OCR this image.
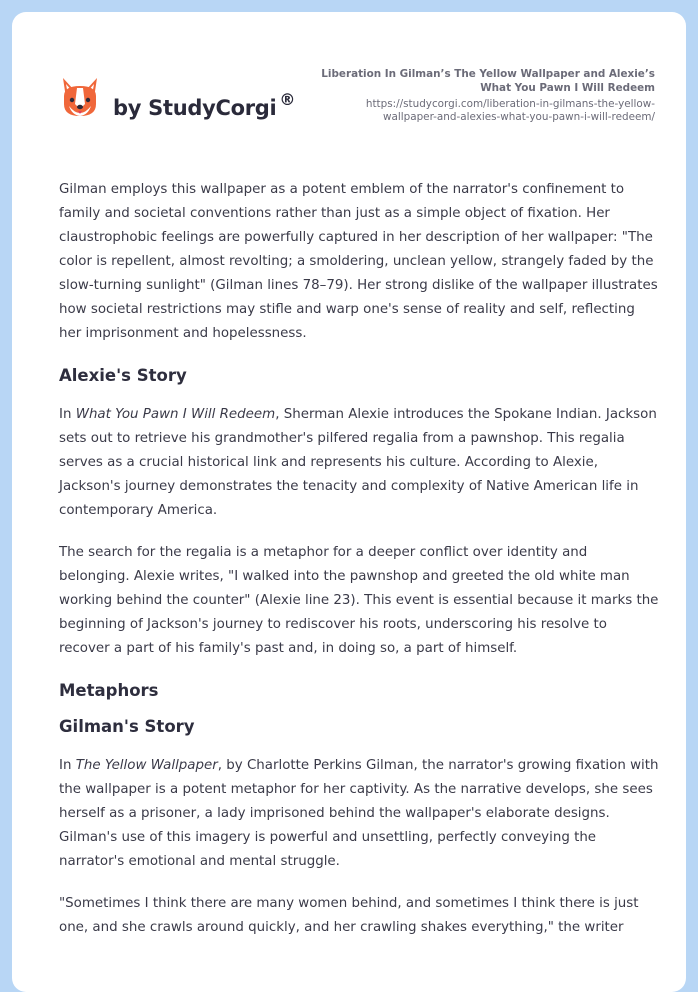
by StudyCorgi ®
Liberation In Gilman’s The Yellow Wallpaper and Alexie’s What You Pawn I Will Redeem
https://studycorgi.com/liberation-in-gilmans-the-yellow-wallpaper-and-alexies-what-you-pawn-i-will-redeem/

Gilman employs this wallpaper as a potent emblem of the narrator's confinement to family and societal conventions rather than just as a simple object of fixation. Her claustrophobic feelings are powerfully captured in her description of her wallpaper: "The color is repellent, almost revolting; a smoldering, unclean yellow, strangely faded by the slow-turning sunlight" (Gilman lines 78–79). Her strong dislike of the wallpaper illustrates how societal restrictions may stifle and warp one's sense of reality and self, reflecting her imprisonment and hopelessness.

Alexie's Story

In What You Pawn I Will Redeem, Sherman Alexie introduces the Spokane Indian. Jackson sets out to retrieve his grandmother's pilfered regalia from a pawnshop. This regalia serves as a crucial historical link and represents his culture. According to Alexie, Jackson's journey demonstrates the tenacity and complexity of Native American life in contemporary America.

The search for the regalia is a metaphor for a deeper conflict over identity and belonging. Alexie writes, "I walked into the pawnshop and greeted the old white man working behind the counter" (Alexie line 23). This event is essential because it marks the beginning of Jackson's journey to rediscover his roots, underscoring his resolve to recover a part of his family's past and, in doing so, a part of himself.

Metaphors
Gilman's Story

In The Yellow Wallpaper, by Charlotte Perkins Gilman, the narrator's growing fixation with the wallpaper is a potent metaphor for her captivity. As the narrative develops, she sees herself as a prisoner, a lady imprisoned behind the wallpaper's elaborate designs. Gilman's use of this imagery is powerful and unsettling, perfectly conveying the narrator's emotional and mental struggle.

"Sometimes I think there are many women behind, and sometimes I think there is just one, and she crawls around quickly, and her crawling shakes everything," the writer
